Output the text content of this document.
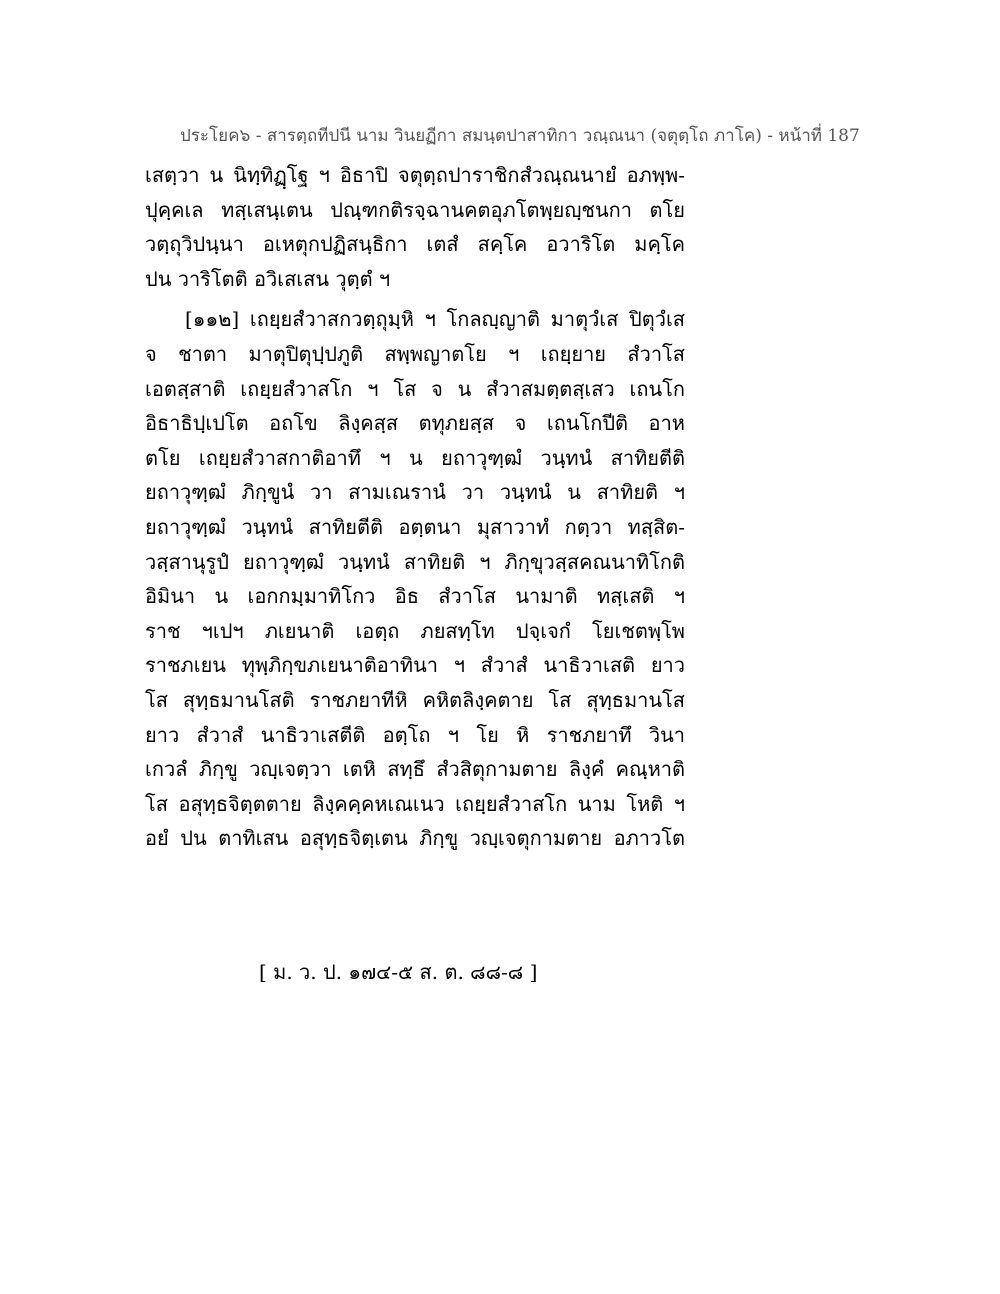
ประโยค๖ - สารตฺถทีปนี นาม วินยฏีกา สมนฺตปาสาทิกา วณฺณนา (จตุตฺโถ ภาโค) - หน้าที่ 187
เสตฺวา น นิทฺทิฏฺโฐ ฯ อิธาปิ จตุตฺถปาราชิกสํวณฺณนายํ อภพฺพ-
ปุคฺคเล ทสฺเสนฺเตน ปณฺฑกติรจฺฉานคตอุภโตพฺยญฺชนกา ตโย
วตฺถุวิปนฺนา อเหตุกปฏิสนฺธิกา เตสํ สคฺโค อวาริโต มคฺโค
ปน วาริโตติ อวิเสเสน วุตฺตํ ฯ
[๑๑๒] เถยฺยสํวาสกวตฺถุมฺหิ ฯ โกลญฺญาติ มาตุวํเส ปิตุวํเส
จ ชาตา มาตุปิตุปฺปภูติ สพฺพญาตโย ฯ เถยฺยาย สํวาโส
เอตสฺสาติ เถยฺยสํวาสโก ฯ โส จ น สํวาสมตฺตสฺเสว เถนโก
อิธาธิปฺเปโต อถโข ลิงฺคสฺส ตทุภยสฺส จ เถนโกปีติ อาห
ตโย เถยฺยสํวาสกาติอาทึ ฯ น ยถาวุฑฺฒํ วนฺทนํ สาทิยตีติ
ยถาวุฑฺฒํ ภิกฺขูนํ วา สามเณรานํ วา วนฺทนํ น สาทิยติ ฯ
ยถาวุฑฺฒํ วนฺทนํ สาทิยตีติ อตฺตนา มุสาวาทํ กตฺวา ทสฺสิต-
วสฺสานุรูปํ ยถาวุฑฺฒํ วนฺทนํ สาทิยติ ฯ ภิกฺขุวสฺสคณนาทิโกติ
อิมินา น เอกกมฺมาทิโกว อิธ สํวาโส นามาติ ทสฺเสติ ฯ
ราช ฯเปฯ ภเยนาติ เอตฺถ ภยสทฺโท ปจฺเจกํ โยเชตพฺโพ
ราชภเยน ทุพฺภิกฺขภเยนาติอาทินา ฯ สํวาสํ นาธิวาเสติ ยาว
โส สุทฺธมานโสติ ราชภยาทีหิ คหิตลิงฺคตาย โส สุทฺธมานโส
ยาว สํวาสํ นาธิวาเสตีติ อตฺโถ ฯ โย หิ ราชภยาทึ วินา
เกวลํ ภิกฺขู วญฺเจตฺวา เตหิ สทฺธึ สํวสิตุกามตาย ลิงฺคํ คณฺหาติ
โส อสุทฺธจิตฺตตาย ลิงฺคคฺคหเณเนว เถยฺยสํวาสโก นาม โหติ ฯ
อยํ ปน ตาทิเสน อสุทฺธจิตฺเตน ภิกฺขู วญฺเจตุกามตาย อภาวโต
[ ม. ว. ป. ๑๗๔-๕ ส. ต. ๘๘-๘ ]
